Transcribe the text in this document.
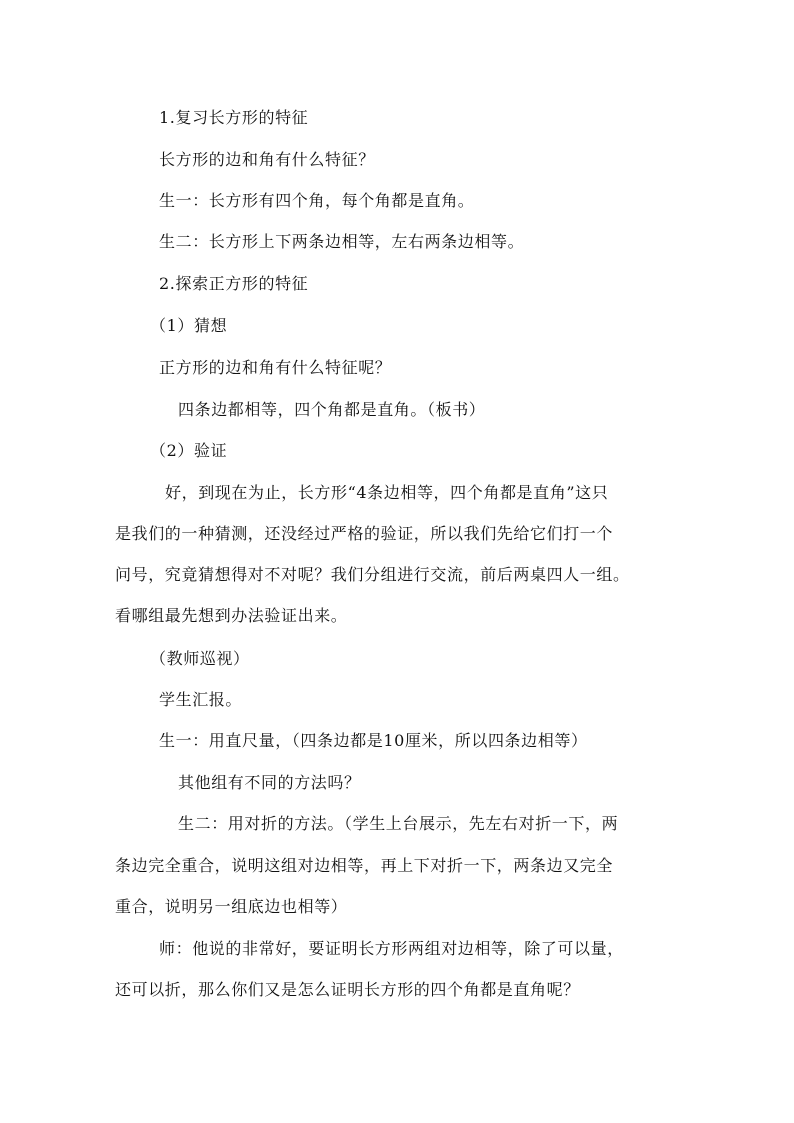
1.复习长方形的特征
长方形的边和角有什么特征？
生一：长方形有四个角，每个角都是直角。
生二：长方形上下两条边相等，左右两条边相等。
2.探索正方形的特征
（1）猜想
正方形的边和角有什么特征呢？
四条边都相等，四个角都是直角。（板书）
（2）验证
好，到现在为止，长方形“4条边相等，四个角都是直角”这只
是我们的一种猜测，还没经过严格的验证，所以我们先给它们打一个
问号，究竟猜想得对不对呢？我们分组进行交流，前后两桌四人一组。
看哪组最先想到办法验证出来。
（教师巡视）
学生汇报。
生一：用直尺量，（四条边都是10厘米，所以四条边相等）
其他组有不同的方法吗？
生二：用对折的方法。（学生上台展示，先左右对折一下，两
条边完全重合，说明这组对边相等，再上下对折一下，两条边又完全
重合，说明另一组底边也相等）
师：他说的非常好，要证明长方形两组对边相等，除了可以量，
还可以折，那么你们又是怎么证明长方形的四个角都是直角呢？
